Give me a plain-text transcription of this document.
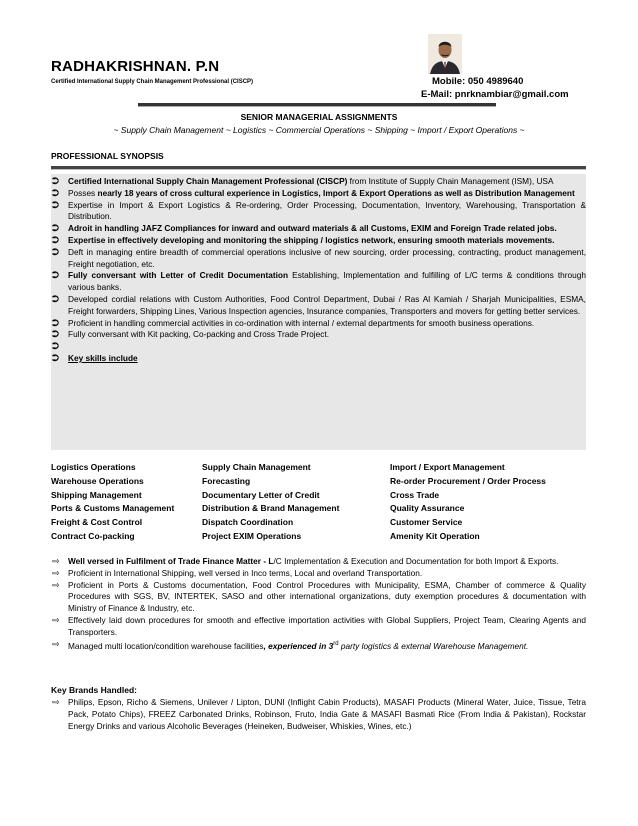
RADHAKRISHNAN. P.N
Certified International Supply Chain Management Professional (CISCP)	Mobile: 050 4989640
E-Mail: pnrknambiar@gmail.com
SENIOR MANAGERIAL ASSIGNMENTS
~ Supply Chain Management ~ Logistics ~ Commercial Operations ~ Shipping ~ Import / Export Operations ~
PROFESSIONAL SYNOPSIS
⮊ Certified International Supply Chain Management Professional (CISCP) from Institute of Supply Chain Management (ISM), USA
⮊ Posses nearly 18 years of cross cultural experience in Logistics, Import & Export Operations as well as Distribution Management
⮊ Expertise in Import & Export Logistics & Re-ordering, Order Processing, Documentation, Inventory, Warehousing, Transportation & Distribution.
⮊ Adroit in handling JAFZ Compliances for inward and outward materials & all Customs, EXIM and Foreign Trade related jobs.
⮊ Expertise in effectively developing and monitoring the shipping / logistics network, ensuring smooth materials movements.
⮊ Deft in managing entire breadth of commercial operations inclusive of new sourcing, order processing, contracting, product management, Freight negotiation, etc.
⮊ Fully conversant with Letter of Credit Documentation Establishing, Implementation and fulfilling of L/C terms & conditions through various banks.
⮊ Developed cordial relations with Custom Authorities, Food Control Department, Dubai / Ras Al Kamiah / Sharjah Municipalities, ESMA, Freight forwarders, Shipping Lines, Various Inspection agencies, Insurance companies, Transporters and movers for getting better services.
⮊ Proficient in handling commercial activities in co-ordination with internal / external departments for smooth business operations.
⮊ Fully conversant with Kit packing, Co-packing and Cross Trade Project.
⮊
⮊ Key skills include
Logistics Operations	Supply Chain Management	Import / Export Management
Warehouse Operations	Forecasting	Re-order Procurement / Order Process
Shipping Management	Documentary Letter of Credit	Cross Trade
Ports & Customs Management	Distribution & Brand Management	Quality Assurance
Freight & Cost Control	Dispatch Coordination	Customer Service
Contract Co-packing	Project EXIM Operations	Amenity Kit Operation
⇨ Well versed in Fulfilment of Trade Finance Matter - L/C Implementation & Execution and Documentation for both Import & Exports.
⇨ Proficient in International Shipping, well versed in Inco terms, Local and overland Transportation.
⇨ Proficient in Ports & Customs documentation, Food Control Procedures with Municipality, ESMA, Chamber of commerce & Quality Procedures with SGS, BV, INTERTEK, SASO and other international organizations, duty exemption procedures & documentation with Ministry of Finance & Industry, etc.
⇨ Effectively laid down procedures for smooth and effective importation activities with Global Suppliers, Project Team, Clearing Agents and Transporters.
⇨ Managed multi location/condition warehouse facilities, experienced in 3rd party logistics & external Warehouse Management.
Key Brands Handled:
⇨ Philips, Epson, Richo & Siemens, Unilever / Lipton, DUNI (Inflight Cabin Products), MASAFI Products (Mineral Water, Juice, Tissue, Tetra Pack, Potato Chips), FREEZ Carbonated Drinks, Robinson, Fruto, India Gate & MASAFI Basmati Rice (From India & Pakistan), Rockstar Energy Drinks and various Alcoholic Beverages (Heineken, Budweiser, Whiskies, Wines, etc.)
